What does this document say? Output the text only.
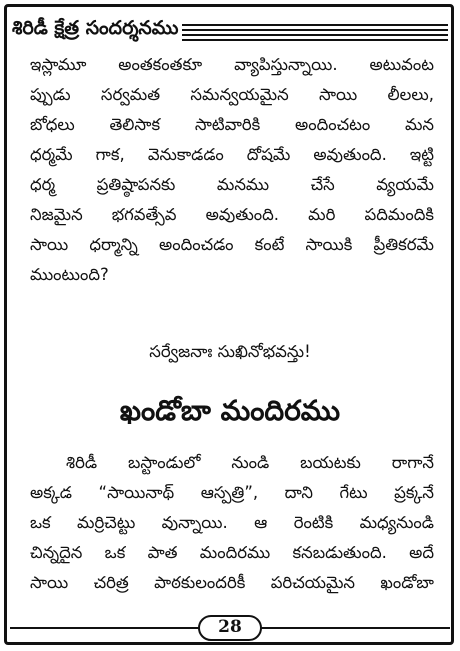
శిరిడీ క్షేత్ర సందర్శనము
ఇస్లామూ అంతకంతకూ వ్యాపిస్తున్నాయి. అటువంట
ప్పుడు సర్వమత సమన్వయమైన సాయి లీలలు,
బోధలు తెలిసాక సాటివారికి అందించటం మన
ధర్మమే గాక, వెనుకాడడం దోషమే అవుతుంది. ఇట్టి
ధర్మ ప్రతిష్ఠాపనకు మనము చేసే వ్యయమే
నిజమైన భగవత్సేవ అవుతుంది. మరి పదిమందికి
సాయి ధర్మాన్ని అందించడం కంటే సాయికి ప్రీతికరమే
ముంటుంది?
సర్వేజనాః సుఖినోభవన్తు!
ఖండోబా మందిరము
శిరిడీ బస్టాండులో నుండి బయటకు రాగానే
అక్కడ “సాయినాథ్ ఆస్పత్రి”, దాని గేటు ప్రక్కనే
ఒక మర్రిచెట్టు వున్నాయి. ఆ రెంటికి మధ్యనుండి
చిన్నదైన ఒక పాత మందిరము కనబడుతుంది. అదే
సాయి చరిత్ర పాఠకులందరికీ పరిచయమైన ఖండోబా
28
